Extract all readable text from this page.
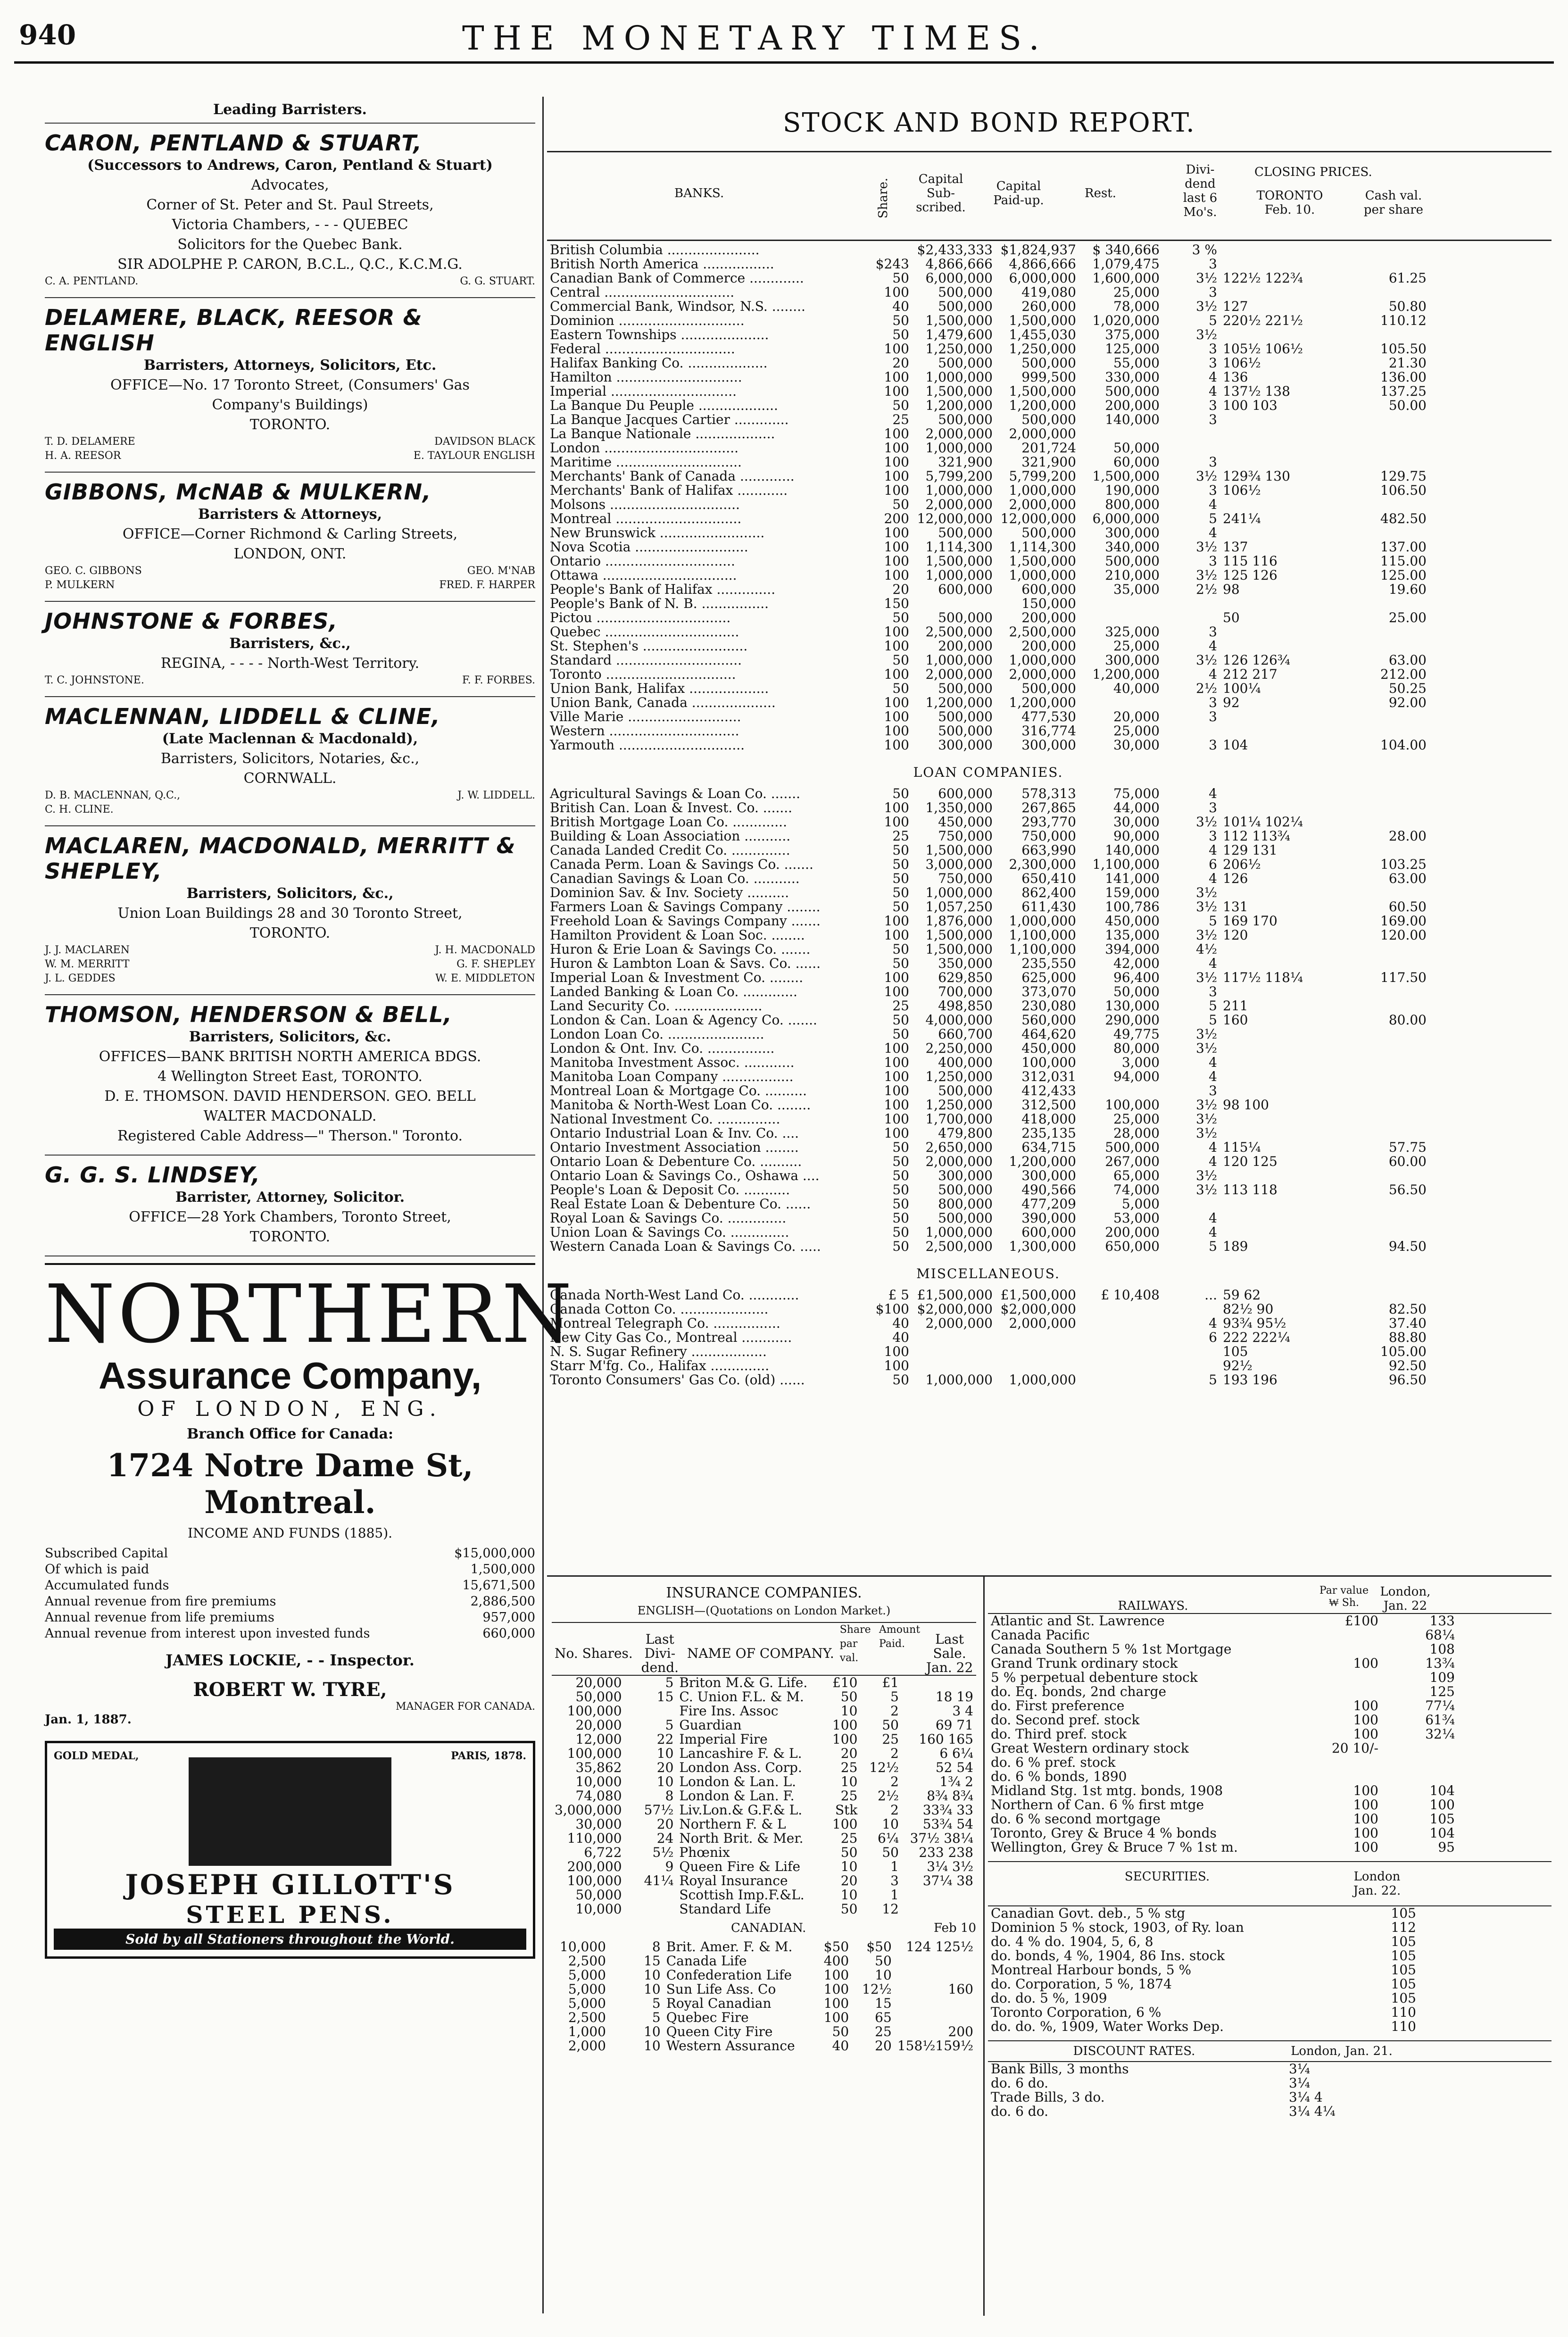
940	THE MONETARY TIMES.
Leading Barristers.
CARON, PENTLAND & STUART,
(Successors to Andrews, Caron, Pentland & Stuart)
Advocates,
Corner of St. Peter and St. Paul Streets,
Victoria Chambers, - - - QUEBEC
Solicitors for the Quebec Bank.
SIR ADOLPHE P. CARON, B.C.L., Q.C., K.C.M.G.
C. A. PENTLAND.	G. G. STUART.
DELAMERE, BLACK, REESOR & ENGLISH
Barristers, Attorneys, Solicitors, Etc.
OFFICE—No. 17 Toronto Street, (Consumers' Gas
Company's Buildings)
TORONTO.
T. D. DELAMERE	DAVIDSON BLACK
H. A. REESOR	E. TAYLOUR ENGLISH
GIBBONS, McNAB & MULKERN,
Barristers & Attorneys,
OFFICE—Corner Richmond & Carling Streets,
LONDON, ONT.
GEO. C. GIBBONS	GEO. M'NAB
P. MULKERN	FRED. F. HARPER
JOHNSTONE & FORBES,
Barristers, &c.,
REGINA, - - - - North-West Territory.
T. C. JOHNSTONE.	F. F. FORBES.
MACLENNAN, LIDDELL & CLINE,
(Late Maclennan & Macdonald),
Barristers, Solicitors, Notaries, &c.,
CORNWALL.
D. B. MACLENNAN, Q.C.,	J. W. LIDDELL.
C. H. CLINE.
MACLAREN, MACDONALD, MERRITT & SHEPLEY,
Barristers, Solicitors, &c.,
Union Loan Buildings 28 and 30 Toronto Street,
TORONTO.
J. J. MACLAREN	J. H. MACDONALD
W. M. MERRITT	G. F. SHEPLEY
J. L. GEDDES	W. E. MIDDLETON
THOMSON, HENDERSON & BELL,
Barristers, Solicitors, &c.
OFFICES—BANK BRITISH NORTH AMERICA BDGS.
4 Wellington Street East, TORONTO.
D. E. THOMSON. DAVID HENDERSON. GEO. BELL
WALTER MACDONALD.
Registered Cable Address—" Therson." Toronto.
G. G. S. LINDSEY,
Barrister, Attorney, Solicitor.
OFFICE—28 York Chambers, Toronto Street,
TORONTO.
NORTHERN
Assurance Company,
OF LONDON, ENG.
Branch Office for Canada:
1724 Notre Dame St, Montreal.
INCOME AND FUNDS (1885).
Subscribed Capital	$15,000,000
Of which is paid	1,500,000
Accumulated funds	15,671,500
Annual revenue from fire premiums	2,886,500
Annual revenue from life premiums	957,000
Annual revenue from interest upon invested funds	660,000
JAMES LOCKIE, - - Inspector.
ROBERT W. TYRE,
MANAGER FOR CANADA.
Jan. 1, 1887.
GOLD MEDAL,	PARIS, 1878.
JOSEPH GILLOTT'S
STEEL PENS.
Sold by all Stationers throughout the World.
STOCK AND BOND REPORT.
BANKS.	Share.	Capital Sub-scribed.
Capital Paid-up.	Rest.
Divi-dend last 6 Mo's.
CLOSING PRICES.
TORONTO Feb. 10.
Cash val. per share
British Columbia ......................		$2,433,333	$1,824,937	$ 340,666	3 %		
British North America .................	$243	4,866,666	4,866,666	1,079,475	3		
Canadian Bank of Commerce .............	50	6,000,000	6,000,000	1,600,000	3½	122½ 122¾	61.25
Central ...............................	100	500,000	419,080	25,000	3		
Commercial Bank, Windsor, N.S. ........	40	500,000	260,000	78,000	3½	127	50.80
Dominion ..............................	50	1,500,000	1,500,000	1,020,000	5	220½ 221½	110.12
Eastern Townships .....................	50	1,479,600	1,455,030	375,000	3½		
Federal ...............................	100	1,250,000	1,250,000	125,000	3	105½ 106½	105.50
Halifax Banking Co. ...................	20	500,000	500,000	55,000	3	106½	21.30
Hamilton ..............................	100	1,000,000	999,500	330,000	4	136	136.00
Imperial ..............................	100	1,500,000	1,500,000	500,000	4	137½ 138	137.25
La Banque Du Peuple ...................	50	1,200,000	1,200,000	200,000	3	100 103	50.00
La Banque Jacques Cartier .............	25	500,000	500,000	140,000	3		
La Banque Nationale ...................	100	2,000,000	2,000,000				
London ................................	100	1,000,000	201,724	50,000			
Maritime ..............................	100	321,900	321,900	60,000	3		
Merchants' Bank of Canada .............	100	5,799,200	5,799,200	1,500,000	3½	129¾ 130	129.75
Merchants' Bank of Halifax ............	100	1,000,000	1,000,000	190,000	3	106½	106.50
Molsons ...............................	50	2,000,000	2,000,000	800,000	4		
Montreal ..............................	200	12,000,000	12,000,000	6,000,000	5	241¼	482.50
New Brunswick .........................	100	500,000	500,000	300,000	4		
Nova Scotia ...........................	100	1,114,300	1,114,300	340,000	3½	137	137.00
Ontario ...............................	100	1,500,000	1,500,000	500,000	3	115 116	115.00
Ottawa ................................	100	1,000,000	1,000,000	210,000	3½	125 126	125.00
People's Bank of Halifax ..............	20	600,000	600,000	35,000	2½	98	19.60
People's Bank of N. B. ................	150		150,000				
Pictou ................................	50	500,000	200,000			50	25.00
Quebec ................................	100	2,500,000	2,500,000	325,000	3		
St. Stephen's .........................	100	200,000	200,000	25,000	4		
Standard ..............................	50	1,000,000	1,000,000	300,000	3½	126 126¾	63.00
Toronto ...............................	100	2,000,000	2,000,000	1,200,000	4	212 217	212.00
Union Bank, Halifax ...................	50	500,000	500,000	40,000	2½	100¼	50.25
Union Bank, Canada ....................	100	1,200,000	1,200,000		3	92	92.00
Ville Marie ...........................	100	500,000	477,530	20,000	3		
Western ...............................	100	500,000	316,774	25,000			
Yarmouth ..............................	100	300,000	300,000	30,000	3	104	104.00
LOAN COMPANIES.
Agricultural Savings & Loan Co. .......	50	600,000	578,313	75,000	4		
British Can. Loan & Invest. Co. .......	100	1,350,000	267,865	44,000	3		
British Mortgage Loan Co. .............	100	450,000	293,770	30,000	3½	101¼ 102¼	
Building & Loan Association ...........	25	750,000	750,000	90,000	3	112 113¾	28.00
Canada Landed Credit Co. ..............	50	1,500,000	663,990	140,000	4	129 131	
Canada Perm. Loan & Savings Co. .......	50	3,000,000	2,300,000	1,100,000	6	206½	103.25
Canadian Savings & Loan Co. ...........	50	750,000	650,410	141,000	4	126	63.00
Dominion Sav. & Inv. Society ..........	50	1,000,000	862,400	159,000	3½		
Farmers Loan & Savings Company ........	50	1,057,250	611,430	100,786	3½	131	60.50
Freehold Loan & Savings Company .......	100	1,876,000	1,000,000	450,000	5	169 170	169.00
Hamilton Provident & Loan Soc. ........	100	1,500,000	1,100,000	135,000	3½	120	120.00
Huron & Erie Loan & Savings Co. .......	50	1,500,000	1,100,000	394,000	4½		
Huron & Lambton Loan & Savs. Co. ......	50	350,000	235,550	42,000	4		
Imperial Loan & Investment Co. ........	100	629,850	625,000	96,400	3½	117½ 118¼	117.50
Landed Banking & Loan Co. .............	100	700,000	373,070	50,000	3		
Land Security Co. .....................	25	498,850	230,080	130,000	5	211	
London & Can. Loan & Agency Co. .......	50	4,000,000	560,000	290,000	5	160	80.00
London Loan Co. .......................	50	660,700	464,620	49,775	3½		
London & Ont. Inv. Co. ................	100	2,250,000	450,000	80,000	3½		
Manitoba Investment Assoc. ............	100	400,000	100,000	3,000	4		
Manitoba Loan Company .................	100	1,250,000	312,031	94,000	4		
Montreal Loan & Mortgage Co. ..........	100	500,000	412,433		3		
Manitoba & North-West Loan Co. ........	100	1,250,000	312,500	100,000	3½	98 100	
National Investment Co. ...............	100	1,700,000	418,000	25,000	3½		
Ontario Industrial Loan & Inv. Co. ....	100	479,800	235,135	28,000	3½		
Ontario Investment Association ........	50	2,650,000	634,715	500,000	4	115¼	57.75
Ontario Loan & Debenture Co. ..........	50	2,000,000	1,200,000	267,000	4	120 125	60.00
Ontario Loan & Savings Co., Oshawa ....	50	300,000	300,000	65,000	3½		
People's Loan & Deposit Co. ...........	50	500,000	490,566	74,000	3½	113 118	56.50
Real Estate Loan & Debenture Co. ......	50	800,000	477,209	5,000			
Royal Loan & Savings Co. ..............	50	500,000	390,000	53,000	4		
Union Loan & Savings Co. ..............	50	1,000,000	600,000	200,000	4		
Western Canada Loan & Savings Co. .....	50	2,500,000	1,300,000	650,000	5	189	94.50
MISCELLANEOUS.
Canada North-West Land Co. ............	£ 5	£1,500,000	£1,500,000	£ 10,408	...	59 62	
Canada Cotton Co. .....................	$100	$2,000,000	$2,000,000			82½ 90	82.50
Montreal Telegraph Co. ................	40	2,000,000	2,000,000		4	93¾ 95½	37.40
New City Gas Co., Montreal ............	40				6	222 222¼	88.80
N. S. Sugar Refinery ..................	100					105	105.00
Starr M'fg. Co., Halifax ..............	100					92½	92.50
Toronto Consumers' Gas Co. (old) ......	50	1,000,000	1,000,000		5	193 196	96.50
INSURANCE COMPANIES.
ENGLISH—(Quotations on London Market.)
No. Shares.	Last Divi-dend.	NAME OF COMPANY.	Share par val.	Amount Paid.	Last Sale.
Jan. 22
20,000	5	Briton M.& G. Life.	£10	£1	
50,000	15	C. Union F.L. & M.	50	5	18 19
100,000		Fire Ins. Assoc	10	2	3 4
20,000	5	Guardian	100	50	69 71
12,000	22	Imperial Fire	100	25	160 165
100,000	10	Lancashire F. & L.	20	2	6 6¼
35,862	20	London Ass. Corp.	25	12½	52 54
10,000	10	London & Lan. L.	10	2	1¾ 2
74,080	8	London & Lan. F.	25	2½	8¾ 8¾
3,000,000	57½	Liv.Lon.& G.F.& L.	Stk	2	33¾ 33
30,000	20	Northern F. & L	100	10	53¾ 54
110,000	24	North Brit. & Mer.	25	6¼	37½ 38¼
6,722	5½	Phœnix	50	50	233 238
200,000	9	Queen Fire & Life	10	1	3¼ 3½
100,000	41¼	Royal Insurance	20	3	37¼ 38
50,000		Scottish Imp.F.&L.	10	1	
10,000		Standard Life	50	12	
CANADIAN.	Feb 10
10,000	8	Brit. Amer. F. & M.	$50	$50	124 125½
2,500	15	Canada Life	400	50	
5,000	10	Confederation Life	100	10	
5,000	10	Sun Life Ass. Co	100	12½	160
5,000	5	Royal Canadian	100	15	
2,500	5	Quebec Fire	100	65	
1,000	10	Queen City Fire	50	25	200
2,000	10	Western Assurance	40	20	158½159½
RAILWAYS.
Par value ₩ Sh.
London, Jan. 22
Atlantic and St. Lawrence	£100	133
Canada Pacific		68¼
Canada Southern 5 % 1st Mortgage		108
Grand Trunk ordinary stock	100	13¾
5 % perpetual debenture stock		109
do. Eq. bonds, 2nd charge		125
do. First preference	100	77¼
do. Second pref. stock	100	61¾
do. Third pref. stock	100	32¼
Great Western ordinary stock	20 10/-	
do. 6 % pref. stock		
do. 6 % bonds, 1890		
Midland Stg. 1st mtg. bonds, 1908	100	104
Northern of Can. 6 % first mtge	100	100
do. 6 % second mortgage	100	105
Toronto, Grey & Bruce 4 % bonds	100	104
Wellington, Grey & Bruce 7 % 1st m.	100	95
SECURITIES.	London Jan. 22.
Canadian Govt. deb., 5 % stg	105
Dominion 5 % stock, 1903, of Ry. loan	112
do. 4 % do. 1904, 5, 6, 8	105
do. bonds, 4 %, 1904, 86 Ins. stock	105
Montreal Harbour bonds, 5 %	105
do. Corporation, 5 %, 1874	105
do. do. 5 %, 1909	105
Toronto Corporation, 6 %	110
do. do. %, 1909, Water Works Dep.	110
DISCOUNT RATES.	London, Jan. 21.
Bank Bills, 3 months	3¼
do. 6 do.	3¼
Trade Bills, 3 do.	3¼ 4
do. 6 do.	3¼ 4¼
